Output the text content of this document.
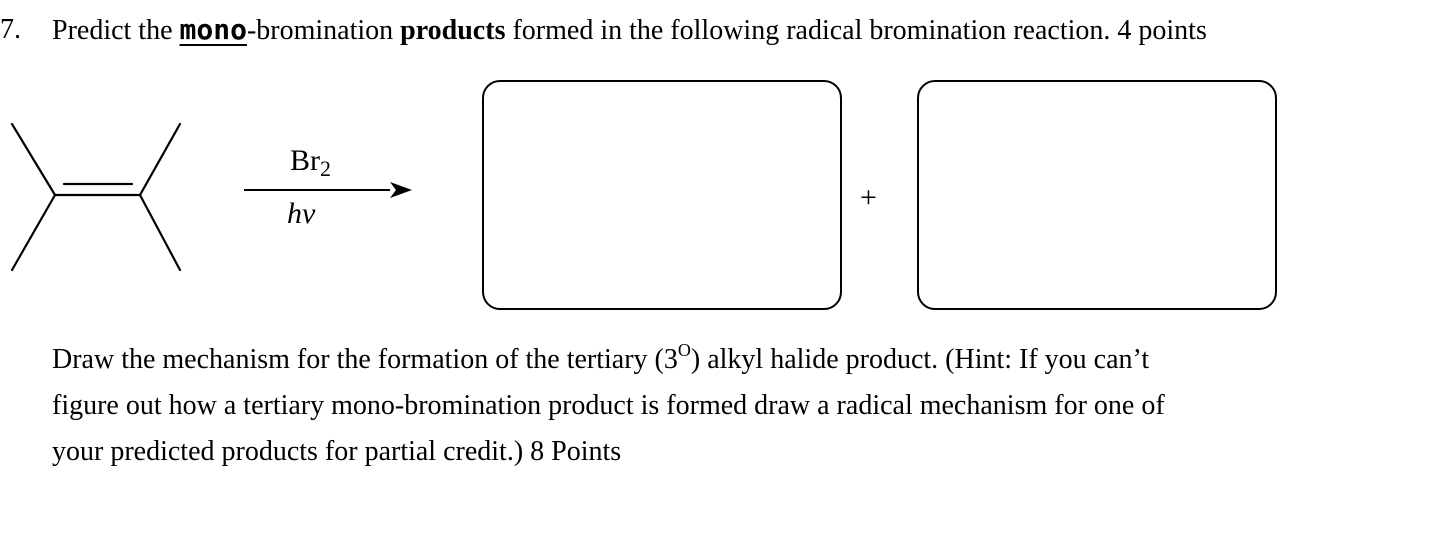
7. Predict the mono-bromination products formed in the following radical bromination reaction. 4 points
$Br_2$
hv	+
Draw the mechanism for the formation of the tertiary $(3^O)$ alkyl halide product. (Hint: If you can’t
figure out how a tertiary mono-bromination product is formed draw a radical mechanism for one of
your predicted products for partial credit.) 8 Points
